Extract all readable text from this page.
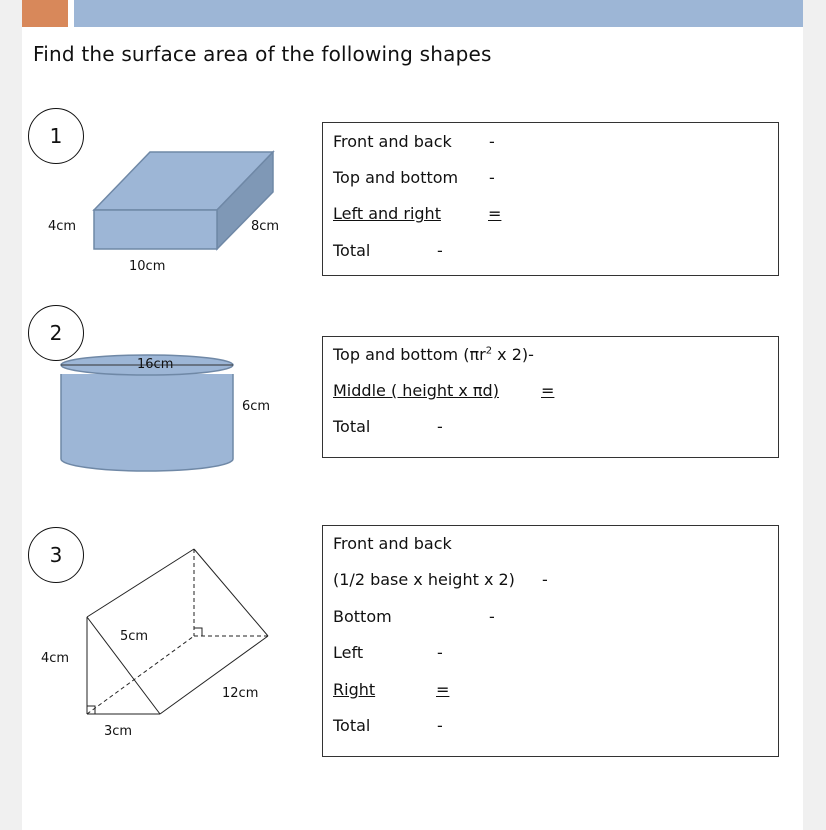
Find the surface area of the following shapes
1
4cm	8cm
10cm
Front and back -
Top and bottom -
Left and right	=
Total	-
2
16cm
6cm
Top and bottom ($\pi r^2$ x 2)-
Middle ( height x πd)	=
Total	-
3
4cm
5cm
12cm
3cm
Front and back
(1/2 base x height x 2) -
Bottom	-
Left	-
Right	=
Total	-
